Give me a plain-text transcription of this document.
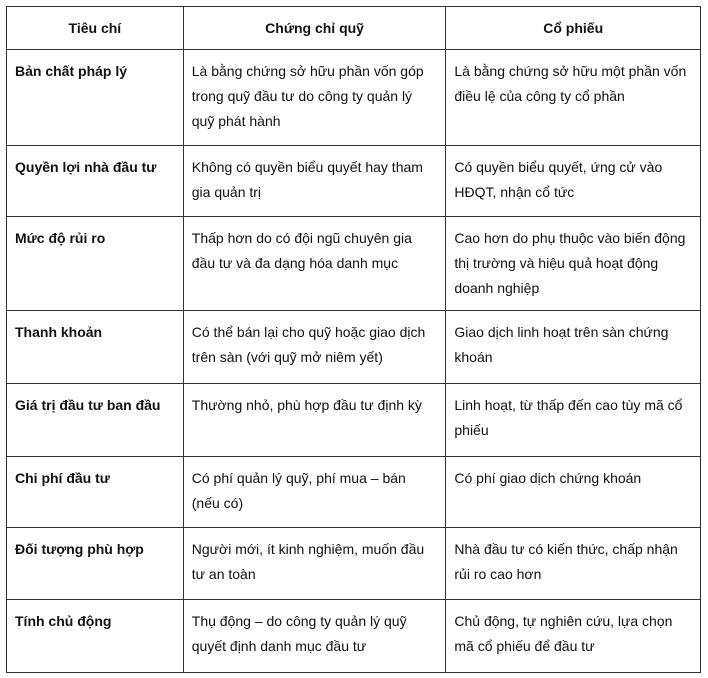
Tiêu chí	Chứng chỉ quỹ	Cổ phiếu
Bản chất pháp lý	Là bằng chứng sở hữu phần vốn góp trong quỹ đầu tư do công ty quản lý quỹ phát hành	Là bằng chứng sở hữu một phần vốn điều lệ của công ty cổ phần
Quyền lợi nhà đầu tư	Không có quyền biểu quyết hay tham gia quản trị	Có quyền biểu quyết, ứng cử vào HĐQT, nhận cổ tức
Mức độ rủi ro	Thấp hơn do có đội ngũ chuyên gia đầu tư và đa dạng hóa danh mục	Cao hơn do phụ thuộc vào biến động thị trường và hiệu quả hoạt động doanh nghiệp
Thanh khoản	Có thể bán lại cho quỹ hoặc giao dịch trên sàn (với quỹ mở niêm yết)	Giao dịch linh hoạt trên sàn chứng khoán
Giá trị đầu tư ban đầu	Thường nhỏ, phù hợp đầu tư định kỳ	Linh hoạt, từ thấp đến cao tùy mã cổ phiếu
Chi phí đầu tư	Có phí quản lý quỹ, phí mua – bán (nếu có)	Có phí giao dịch chứng khoán
Đối tượng phù hợp	Người mới, ít kinh nghiệm, muốn đầu tư an toàn	Nhà đầu tư có kiến thức, chấp nhận rủi ro cao hơn
Tính chủ động	Thụ động – do công ty quản lý quỹ quyết định danh mục đầu tư	Chủ động, tự nghiên cứu, lựa chọn mã cổ phiếu để đầu tư
